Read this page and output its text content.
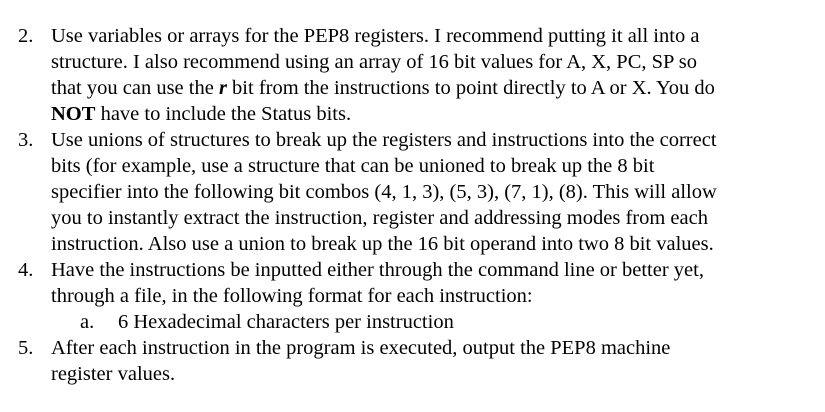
2. Use variables or arrays for the PEP8 registers. I recommend putting it all into a
structure. I also recommend using an array of 16 bit values for A, X, PC, SP so
that you can use the r bit from the instructions to point directly to A or X. You do
NOT have to include the Status bits.
3. Use unions of structures to break up the registers and instructions into the correct
bits (for example, use a structure that can be unioned to break up the 8 bit
specifier into the following bit combos (4, 1, 3), (5, 3), (7, 1), (8). This will allow
you to instantly extract the instruction, register and addressing modes from each
instruction. Also use a union to break up the 16 bit operand into two 8 bit values.
4. Have the instructions be inputted either through the command line or better yet,
through a file, in the following format for each instruction:
a. 6 Hexadecimal characters per instruction
5. After each instruction in the program is executed, output the PEP8 machine
register values.
